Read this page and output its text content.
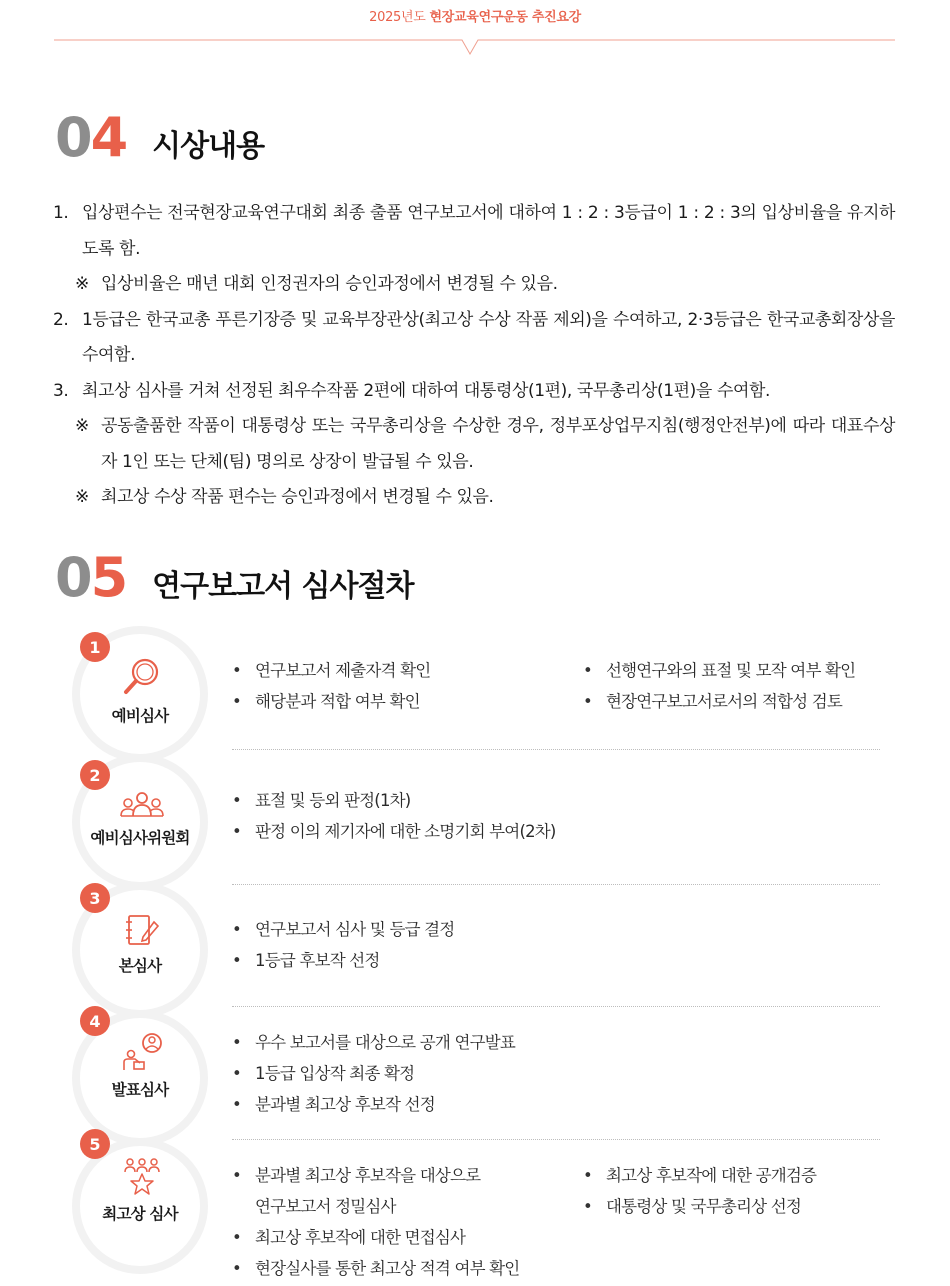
2025년도 현장교육연구운동 추진요강
04 시상내용
1. 입상편수는 전국현장교육연구대회 최종 출품 연구보고서에 대하여 1 : 2 : 3등급이 1 : 2 : 3의 입상비율을 유지하도록 함.
※ 입상비율은 매년 대회 인정권자의 승인과정에서 변경될 수 있음.
2. 1등급은 한국교총 푸른기장증 및 교육부장관상(최고상 수상 작품 제외)을 수여하고, 2·3등급은 한국교총회장상을 수여함.
3. 최고상 심사를 거쳐 선정된 최우수작품 2편에 대하여 대통령상(1편), 국무총리상(1편)을 수여함.
※ 공동출품한 작품이 대통령상 또는 국무총리상을 수상한 경우, 정부포상업무지침(행정안전부)에 따라 대표수상자 1인 또는 단체(팀) 명의로 상장이 발급될 수 있음.
※ 최고상 수상 작품 편수는 승인과정에서 변경될 수 있음.
05 연구보고서 심사절차
1
예비심사
• 연구보고서 제출자격 확인
• 해당분과 적합 여부 확인
• 선행연구와의 표절 및 모작 여부 확인
• 현장연구보고서로서의 적합성 검토
2
예비심사위원회
• 표절 및 등외 판정(1차)
• 판정 이의 제기자에 대한 소명기회 부여(2차)
3
본심사
• 연구보고서 심사 및 등급 결정
• 1등급 후보작 선정
4
발표심사
• 우수 보고서를 대상으로 공개 연구발표
• 1등급 입상작 최종 확정
• 분과별 최고상 후보작 선정
5
최고상 심사
• 분과별 최고상 후보작을 대상으로
연구보고서 정밀심사
• 최고상 후보작에 대한 면접심사
• 현장실사를 통한 최고상 적격 여부 확인
• 최고상 후보작에 대한 공개검증
• 대통령상 및 국무총리상 선정
